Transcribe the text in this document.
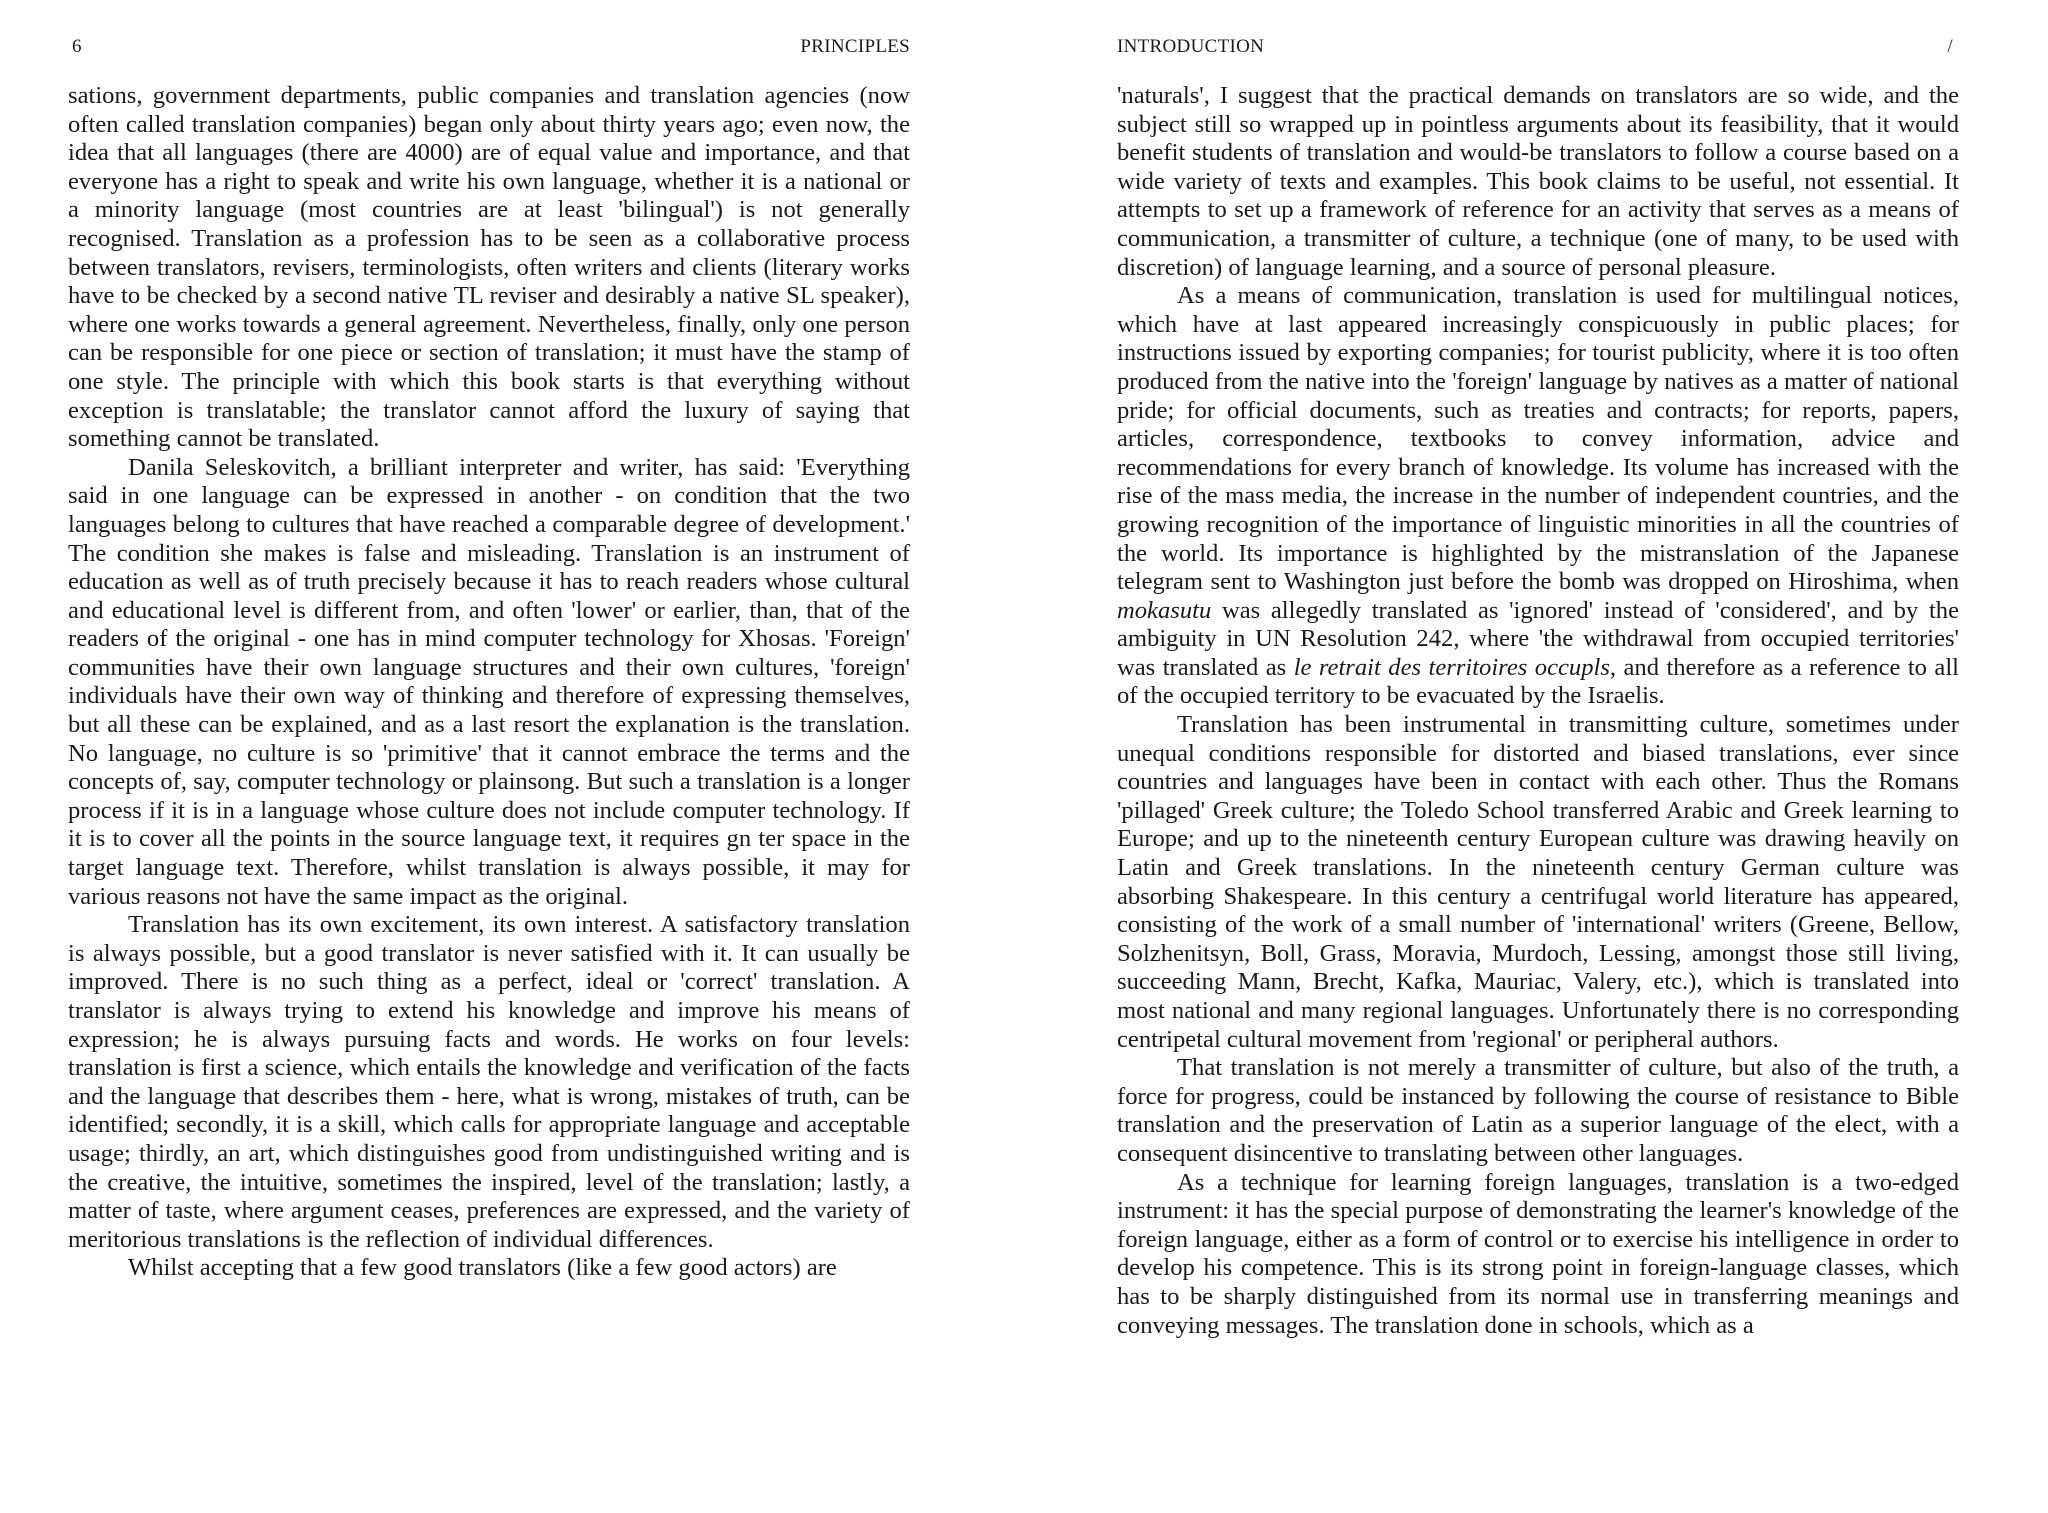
6	PRINCIPLES

sations, government departments, public companies and translation agencies (now often called translation companies) began only about thirty years ago; even now, the idea that all languages (there are 4000) are of equal value and importance, and that everyone has a right to speak and write his own language, whether it is a national or a minority language (most countries are at least 'bilingual') is not generally recognised. Translation as a profession has to be seen as a collaborative process between translators, revisers, terminologists, often writers and clients (literary works have to be checked by a second native TL reviser and desirably a native SL speaker), where one works towards a general agreement. Nevertheless, finally, only one person can be responsible for one piece or section of translation; it must have the stamp of one style. The principle with which this book starts is that everything without exception is translatable; the translator cannot afford the luxury of saying that something cannot be translated.

Danila Seleskovitch, a brilliant interpreter and writer, has said: 'Everything said in one language can be expressed in another - on condition that the two languages belong to cultures that have reached a comparable degree of development.' The condition she makes is false and misleading. Translation is an instrument of education as well as of truth precisely because it has to reach readers whose cultural and educational level is different from, and often 'lower' or earlier, than, that of the readers of the original - one has in mind computer technology for Xhosas. 'Foreign' communities have their own language structures and their own cultures, 'foreign' individuals have their own way of thinking and therefore of expressing themselves, but all these can be explained, and as a last resort the explanation is the translation. No language, no culture is so 'primitive' that it cannot embrace the terms and the concepts of, say, computer technology or plainsong. But such a translation is a longer process if it is in a language whose culture does not include computer technology. If it is to cover all the points in the source language text, it requires gn ter space in the target language text. Therefore, whilst translation is always possible, it may for various reasons not have the same impact as the original.

Translation has its own excitement, its own interest. A satisfactory translation is always possible, but a good translator is never satisfied with it. It can usually be improved. There is no such thing as a perfect, ideal or 'correct' translation. A translator is always trying to extend his knowledge and improve his means of expression; he is always pursuing facts and words. He works on four levels: translation is first a science, which entails the knowledge and verification of the facts and the language that describes them - here, what is wrong, mistakes of truth, can be identified; secondly, it is a skill, which calls for appropriate language and acceptable usage; thirdly, an art, which distinguishes good from undistinguished writing and is the creative, the intuitive, sometimes the inspired, level of the translation; lastly, a matter of taste, where argument ceases, preferences are expressed, and the variety of meritorious translations is the reflection of individual differences.

Whilst accepting that a few good translators (like a few good actors) are

INTRODUCTION	/

'naturals', I suggest that the practical demands on translators are so wide, and the subject still so wrapped up in pointless arguments about its feasibility, that it would benefit students of translation and would-be translators to follow a course based on a wide variety of texts and examples. This book claims to be useful, not essential. It attempts to set up a framework of reference for an activity that serves as a means of communication, a transmitter of culture, a technique (one of many, to be used with discretion) of language learning, and a source of personal pleasure.

As a means of communication, translation is used for multilingual notices, which have at last appeared increasingly conspicuously in public places; for instructions issued by exporting companies; for tourist publicity, where it is too often produced from the native into the 'foreign' language by natives as a matter of national pride; for official documents, such as treaties and contracts; for reports, papers, articles, correspondence, textbooks to convey information, advice and recommendations for every branch of knowledge. Its volume has increased with the rise of the mass media, the increase in the number of independent countries, and the growing recognition of the importance of linguistic minorities in all the countries of the world. Its importance is highlighted by the mistranslation of the Japanese telegram sent to Washington just before the bomb was dropped on Hiroshima, when mokasutu was allegedly translated as 'ignored' instead of 'considered', and by the ambiguity in UN Resolution 242, where 'the withdrawal from occupied territories' was translated as le retrait des territoires occupls, and therefore as a reference to all of the occupied territory to be evacuated by the Israelis.

Translation has been instrumental in transmitting culture, sometimes under unequal conditions responsible for distorted and biased translations, ever since countries and languages have been in contact with each other. Thus the Romans 'pillaged' Greek culture; the Toledo School transferred Arabic and Greek learning to Europe; and up to the nineteenth century European culture was drawing heavily on Latin and Greek translations. In the nineteenth century German culture was absorbing Shakespeare. In this century a centrifugal world literature has appeared, consisting of the work of a small number of 'international' writers (Greene, Bellow, Solzhenitsyn, Boll, Grass, Moravia, Murdoch, Lessing, amongst those still living, succeeding Mann, Brecht, Kafka, Mauriac, Valery, etc.), which is translated into most national and many regional languages. Unfortunately there is no corresponding centripetal cultural movement from 'regional' or peripheral authors.

That translation is not merely a transmitter of culture, but also of the truth, a force for progress, could be instanced by following the course of resistance to Bible translation and the preservation of Latin as a superior language of the elect, with a consequent disincentive to translating between other languages.

As a technique for learning foreign languages, translation is a two-edged instrument: it has the special purpose of demonstrating the learner's knowledge of the foreign language, either as a form of control or to exercise his intelligence in order to develop his competence. This is its strong point in foreign-language classes, which has to be sharply distinguished from its normal use in transferring meanings and conveying messages. The translation done in schools, which as a
